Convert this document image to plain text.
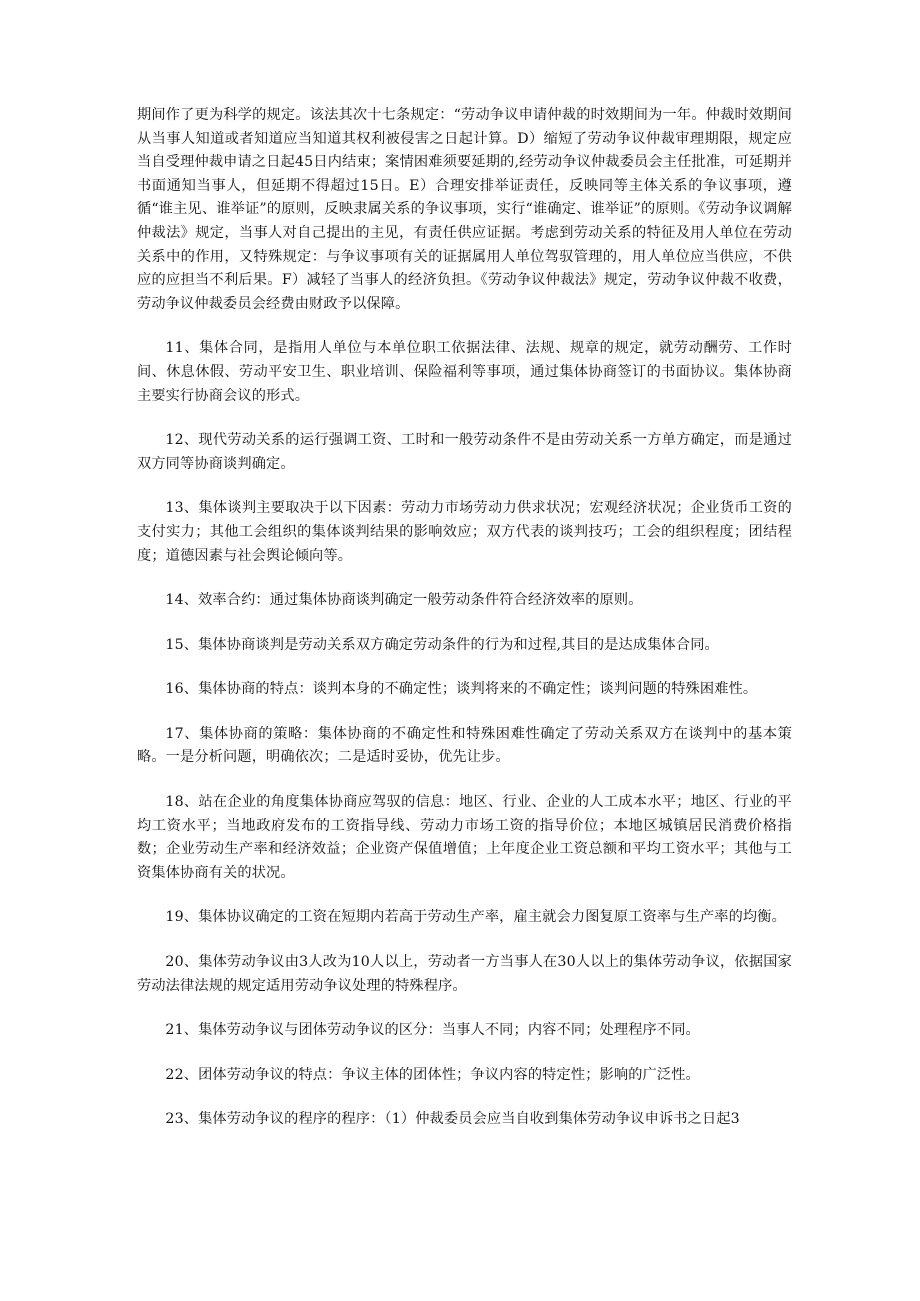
期间作了更为科学的规定。该法其次十七条规定：“劳动争议申请仲裁的时效期间为一年。仲裁时效期间从当事人知道或者知道应当知道其权利被侵害之日起计算。D）缩短了劳动争议仲裁审理期限，规定应当自受理仲裁申请之日起45日内结束；案情困难须要延期的,经劳动争议仲裁委员会主任批准，可延期并书面通知当事人，但延期不得超过15日。E）合理安排举证责任，反映同等主体关系的争议事项，遵循“谁主见、谁举证”的原则，反映隶属关系的争议事项，实行“谁确定、谁举证”的原则。《劳动争议调解仲裁法》规定，当事人对自己提出的主见，有责任供应证据。考虑到劳动关系的特征及用人单位在劳动关系中的作用，又特殊规定：与争议事项有关的证据属用人单位驾驭管理的，用人单位应当供应，不供应的应担当不利后果。F）减轻了当事人的经济负担。《劳动争议仲裁法》规定，劳动争议仲裁不收费，劳动争议仲裁委员会经费由财政予以保障。

11、集体合同，是指用人单位与本单位职工依据法律、法规、规章的规定，就劳动酬劳、工作时间、休息休假、劳动平安卫生、职业培训、保险福利等事项，通过集体协商签订的书面协议。集体协商主要实行协商会议的形式。

12、现代劳动关系的运行强调工资、工时和一般劳动条件不是由劳动关系一方单方确定，而是通过双方同等协商谈判确定。

13、集体谈判主要取决于以下因素：劳动力市场劳动力供求状况；宏观经济状况；企业货币工资的支付实力；其他工会组织的集体谈判结果的影响效应；双方代表的谈判技巧；工会的组织程度；团结程度；道德因素与社会舆论倾向等。

14、效率合约：通过集体协商谈判确定一般劳动条件符合经济效率的原则。

15、集体协商谈判是劳动关系双方确定劳动条件的行为和过程,其目的是达成集体合同。

16、集体协商的特点：谈判本身的不确定性；谈判将来的不确定性；谈判问题的特殊困难性。

17、集体协商的策略：集体协商的不确定性和特殊困难性确定了劳动关系双方在谈判中的基本策略。一是分析问题，明确依次；二是适时妥协，优先让步。

18、站在企业的角度集体协商应驾驭的信息：地区、行业、企业的人工成本水平；地区、行业的平均工资水平；当地政府发布的工资指导线、劳动力市场工资的指导价位；本地区城镇居民消费价格指数；企业劳动生产率和经济效益；企业资产保值增值；上年度企业工资总额和平均工资水平；其他与工资集体协商有关的状况。

19、集体协议确定的工资在短期内若高于劳动生产率，雇主就会力图复原工资率与生产率的均衡。

20、集体劳动争议由3人改为10人以上，劳动者一方当事人在30人以上的集体劳动争议，依据国家劳动法律法规的规定适用劳动争议处理的特殊程序。

21、集体劳动争议与团体劳动争议的区分：当事人不同；内容不同；处理程序不同。

22、团体劳动争议的特点：争议主体的团体性；争议内容的特定性；影响的广泛性。

23、集体劳动争议的程序的程序：（1）仲裁委员会应当自收到集体劳动争议申诉书之日起3
